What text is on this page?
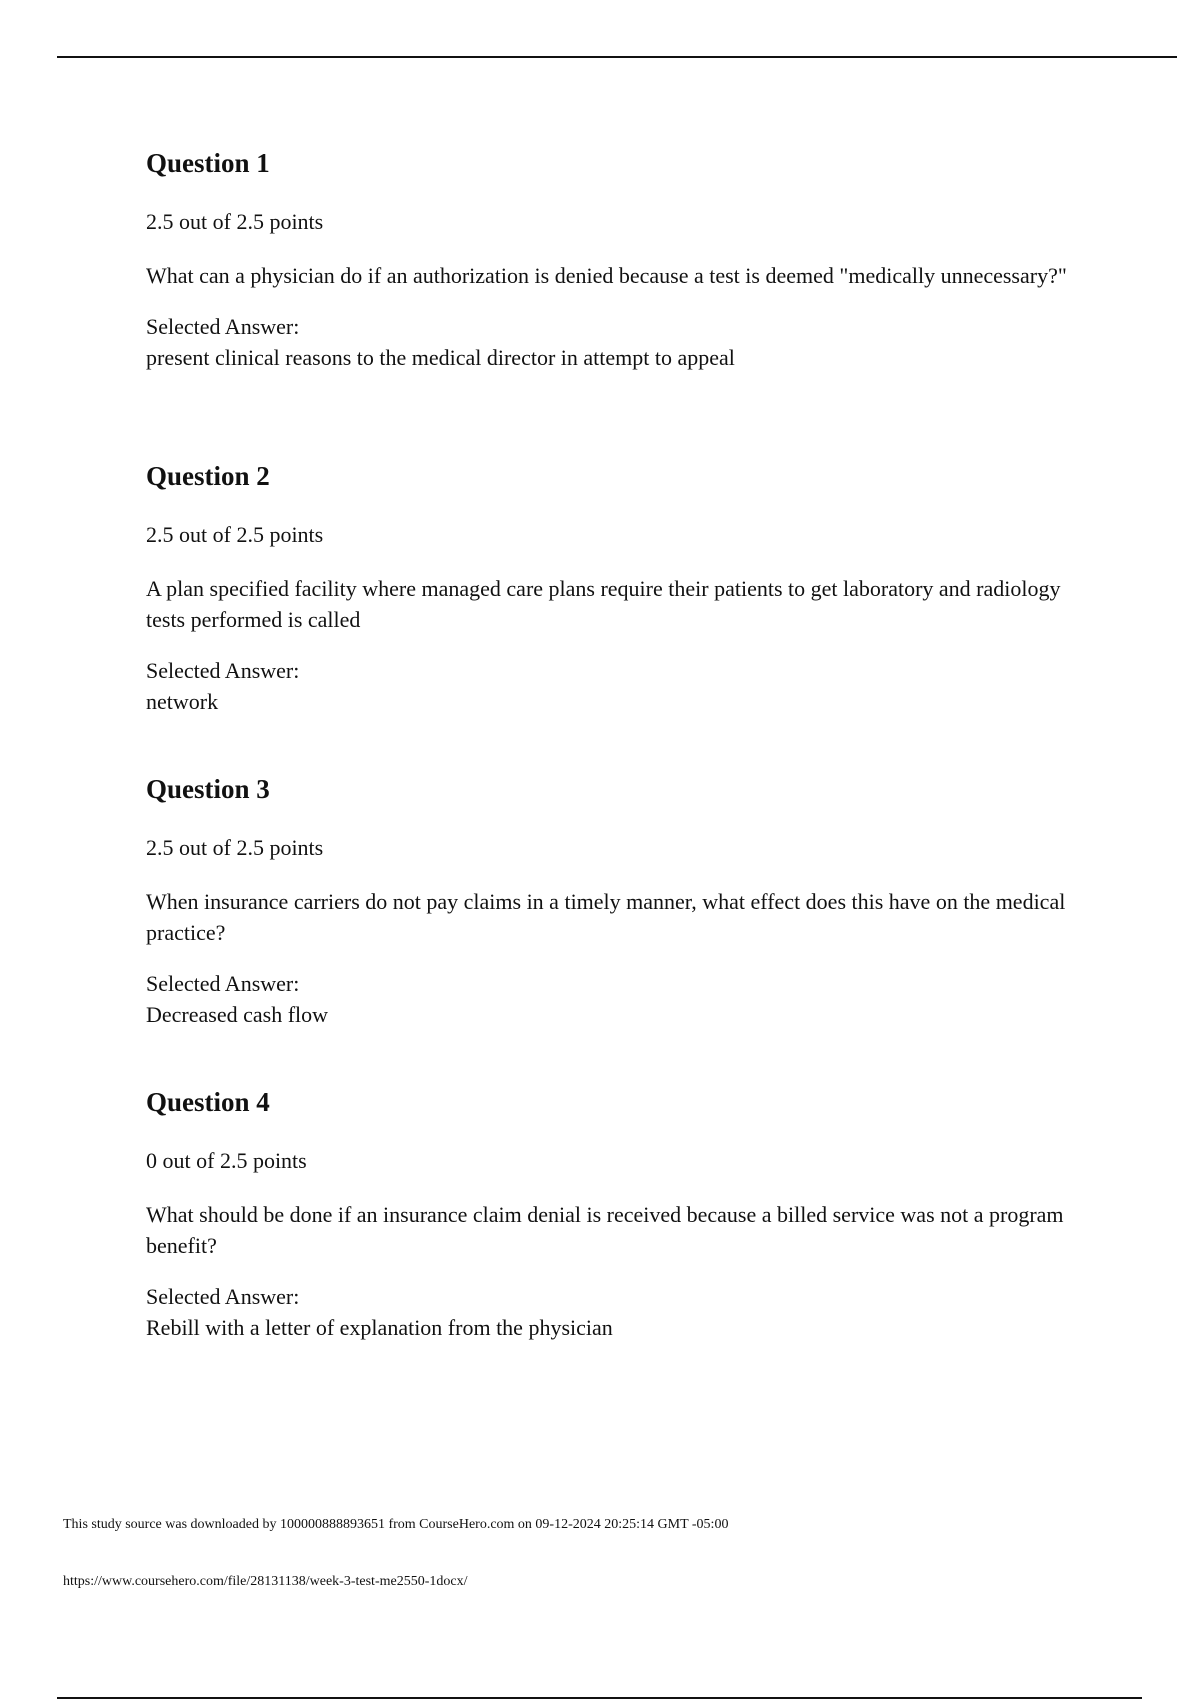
Question 1
2.5 out of 2.5 points
What can a physician do if an authorization is denied because a test is deemed "medically unnecessary?"
Selected Answer:
present clinical reasons to the medical director in attempt to appeal
Question 2
2.5 out of 2.5 points
A plan specified facility where managed care plans require their patients to get laboratory and radiology tests performed is called
Selected Answer:
network
Question 3
2.5 out of 2.5 points
When insurance carriers do not pay claims in a timely manner, what effect does this have on the medical practice?
Selected Answer:
Decreased cash flow
Question 4
0 out of 2.5 points
What should be done if an insurance claim denial is received because a billed service was not a program benefit?
Selected Answer:
Rebill with a letter of explanation from the physician
This study source was downloaded by 100000888893651 from CourseHero.com on 09-12-2024 20:25:14 GMT -05:00
https://www.coursehero.com/file/28131138/week-3-test-me2550-1docx/
